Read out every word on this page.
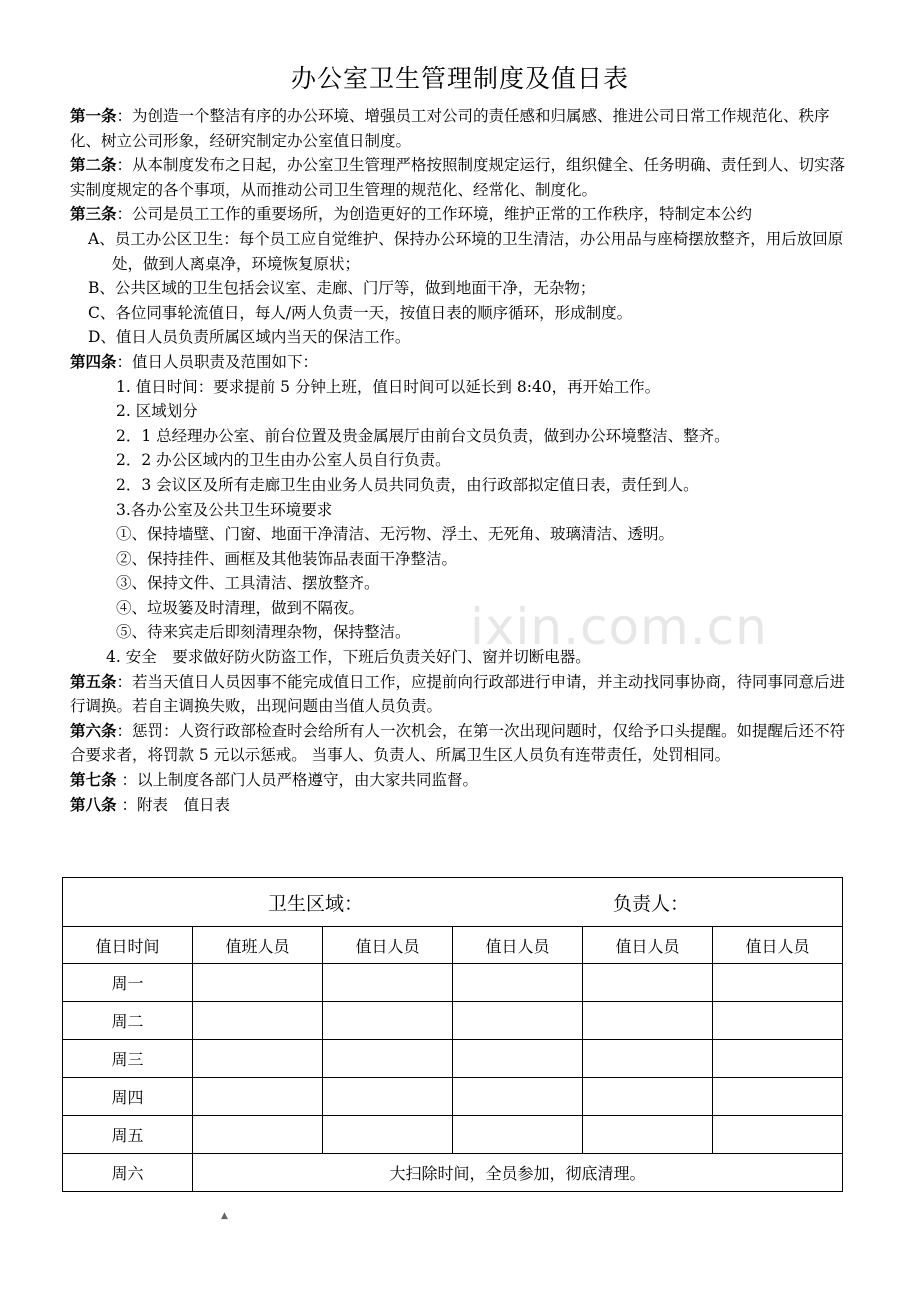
办公室卫生管理制度及值日表

第一条：为创造一个整洁有序的办公环境、增强员工对公司的责任感和归属感、推进公司日常工作规范化、秩序化、树立公司形象，经研究制定办公室值日制度。

第二条：从本制度发布之日起，办公室卫生管理严格按照制度规定运行，组织健全、任务明确、责任到人、切实落实制度规定的各个事项，从而推动公司卫生管理的规范化、经常化、制度化。

第三条：公司是员工工作的重要场所，为创造更好的工作环境，维护正常的工作秩序，特制定本公约

A、员工办公区卫生：每个员工应自觉维护、保持办公环境的卫生清洁，办公用品与座椅摆放整齐，用后放回原处，做到人离桌净，环境恢复原状；

B、公共区域的卫生包括会议室、走廊、门厅等，做到地面干净，无杂物；

C、各位同事轮流值日，每人/两人负责一天，按值日表的顺序循环，形成制度。

D、值日人员负责所属区域内当天的保洁工作。

第四条：值日人员职责及范围如下：

1. 值日时间：要求提前 5 分钟上班，值日时间可以延长到 8:40，再开始工作。

2. 区域划分

2．1 总经理办公室、前台位置及贵金属展厅由前台文员负责，做到办公环境整洁、整齐。

2．2 办公区域内的卫生由办公室人员自行负责。

2．3 会议区及所有走廊卫生由业务人员共同负责，由行政部拟定值日表，责任到人。

3.各办公室及公共卫生环境要求

①、保持墙壁、门窗、地面干净清洁、无污物、浮土、无死角、玻璃清洁、透明。

②、保持挂件、画框及其他装饰品表面干净整洁。

③、保持文件、工具清洁、摆放整齐。

④、垃圾篓及时清理，做到不隔夜。

⑤、待来宾走后即刻清理杂物，保持整洁。

4. 安全　要求做好防火防盗工作，下班后负责关好门、窗并切断电器。

第五条：若当天值日人员因事不能完成值日工作，应提前向行政部进行申请，并主动找同事协商，待同事同意后进行调换。若自主调换失败，出现问题由当值人员负责。

第六条：惩罚：人资行政部检查时会给所有人一次机会，在第一次出现问题时，仅给予口头提醒。如提醒后还不符合要求者，将罚款 5 元以示惩戒。 当事人、负责人、所属卫生区人员负有连带责任，处罚相同。

第七条 ：以上制度各部门人员严格遵守，由大家共同监督。

第八条 ：附表　值日表

ixin.com.cn
卫生区域： 负责人：					
值日时间	值班人员	值日人员	值日人员	值日人员	值日人员
周一					
周二					
周三					
周四					
周五					
周六	大扫除时间，全员参加，彻底清理。				
▲
